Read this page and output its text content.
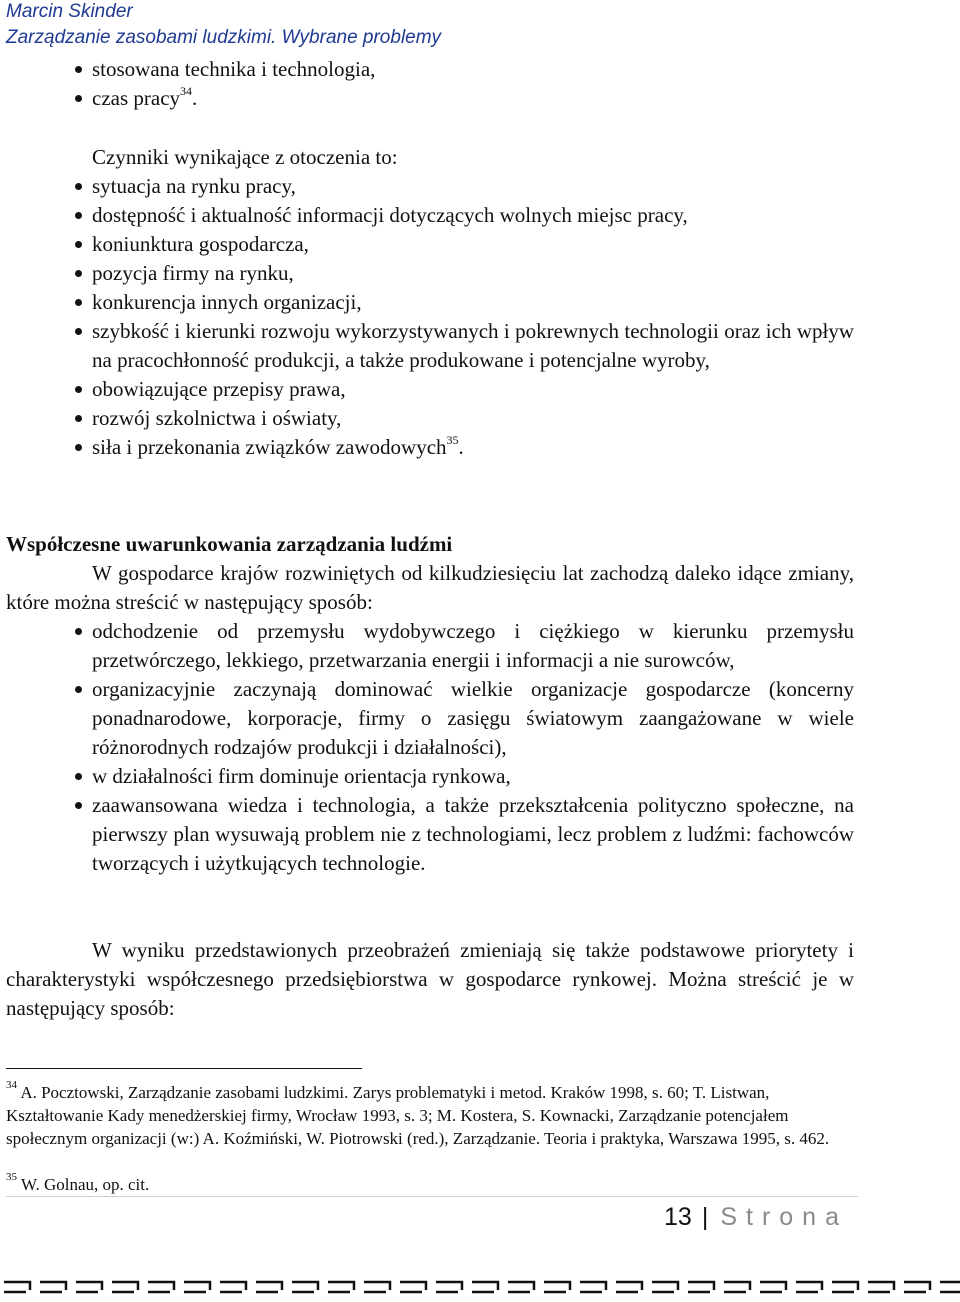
Marcin Skinder
Zarządzanie zasobami ludzkimi. Wybrane problemy
stosowana technika i technologia,
czas pracy$^{34}$.

Czynniki wynikające z otoczenia to:

sytuacja na rynku pracy,
dostępność i aktualność informacji dotyczących wolnych miejsc pracy,
koniunktura gospodarcza,
pozycja firmy na rynku,
konkurencja innych organizacji,
szybkość i kierunki rozwoju wykorzystywanych i pokrewnych technologii oraz ich wpływ na pracochłonność produkcji, a także produkowane i potencjalne wyroby,
obowiązujące przepisy prawa,
rozwój szkolnictwa i oświaty,
siła i przekonania związków zawodowych$^{35}$.

Współczesne uwarunkowania zarządzania ludźmi

W gospodarce krajów rozwiniętych od kilkudziesięciu lat zachodzą daleko idące zmiany, które można streścić w następujący sposób:

odchodzenie od przemysłu wydobywczego i ciężkiego w kierunku przemysłu przetwórczego, lekkiego, przetwarzania energii i informacji a nie surowców,
organizacyjnie zaczynają dominować wielkie organizacje gospodarcze (koncerny ponadnarodowe, korporacje, firmy o zasięgu światowym zaangażowane w wiele różnorodnych rodzajów produkcji i działalności),
w działalności firm dominuje orientacja rynkowa,
zaawansowana wiedza i technologia, a także przekształcenia polityczno społeczne, na pierwszy plan wysuwają problem nie z technologiami, lecz problem z ludźmi: fachowców tworzących i użytkujących technologie.

W wyniku przedstawionych przeobrażeń zmieniają się także podstawowe priorytety i charakterystyki współczesnego przedsiębiorstwa w gospodarce rynkowej. Można streścić je w następujący sposób:

$^{34}$ A. Pocztowski, Zarządzanie zasobami ludzkimi. Zarys problematyki i metod. Kraków 1998, s. 60; T. Listwan, Kształtowanie Kady menedżerskiej firmy, Wrocław 1993, s. 3; M. Kostera, S. Kownacki, Zarządzanie potencjałem społecznym organizacji (w:) A. Koźmiński, W. Piotrowski (red.), Zarządzanie. Teoria i praktyka, Warszawa 1995, s. 462.
$^{35}$ W. Golnau, op. cit.
13 | Strona
